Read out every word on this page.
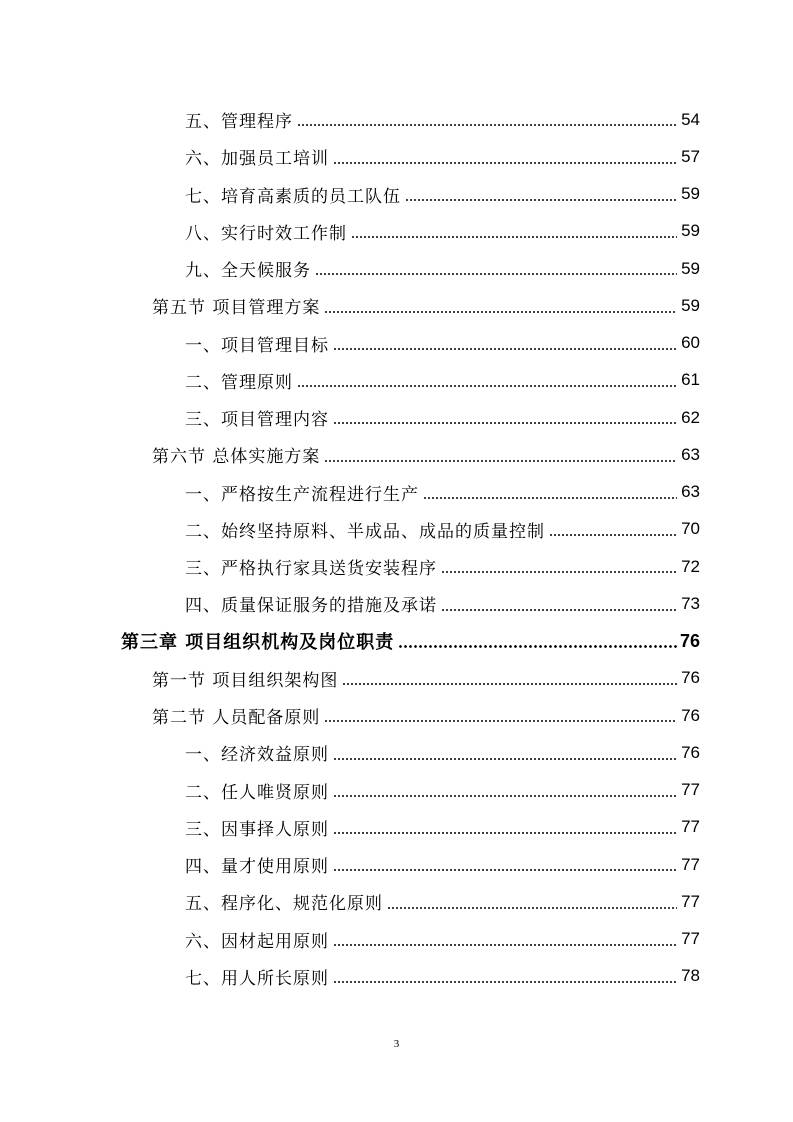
五、管理程序	54
六、加强员工培训	57
七、培育高素质的员工队伍	59
八、实行时效工作制	59
九、全天候服务	59
第五节 项目管理方案	59
一、项目管理目标	60
二、管理原则	61
三、项目管理内容	62
第六节 总体实施方案	63
一、严格按生产流程进行生产	63
二、始终坚持原料、半成品、成品的质量控制	70
三、严格执行家具送货安装程序	72
四、质量保证服务的措施及承诺	73
第三章 项目组织机构及岗位职责	76
第一节 项目组织架构图	76
第二节 人员配备原则	76
一、经济效益原则	76
二、任人唯贤原则	77
三、因事择人原则	77
四、量才使用原则	77
五、程序化、规范化原则	77
六、因材起用原则	77
七、用人所长原则	78
3
